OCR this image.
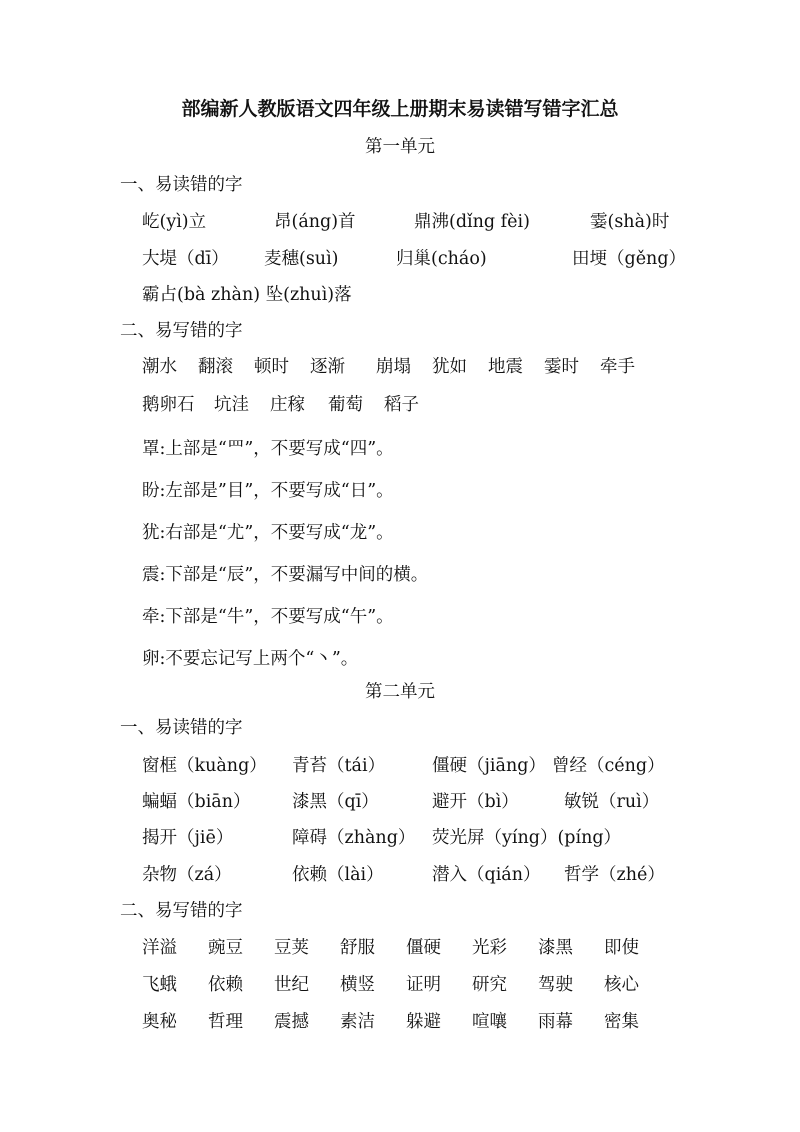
部编新人教版语文四年级上册期末易读错写错字汇总
第一单元
一、易读错的字
屹(yì)立	昂(áng)首	鼎沸(dǐng fèi)	霎(shà)时
大堤（dī） 麦穗(suì)	归巢(cháo)	田埂（gěng）
霸占(bà zhàn) 坠(zhuì)落
二、易写错的字
潮水 翻滚 顿时 逐渐 崩塌 犹如 地震 霎时 牵手
鹅卵石 坑洼 庄稼 葡萄 稻子
罩:上部是“罒”，不要写成“四”。
盼:左部是”目”，不要写成“日”。
犹:右部是“尤”，不要写成“龙”。
震:下部是“辰”，不要漏写中间的横。
牵:下部是“牛”，不要写成“午”。
卵:不要忘记写上两个“丶”。
第二单元
一、易读错的字
窗框（kuàng） 青苔（tái）	僵硬（jiāng） 曾经（céng）
蝙蝠（biān） 漆黑（qī）	避开（bì）	敏锐（ruì）
揭开（jiē）	障碍（zhàng） 荧光屏（yíng）(píng）
杂物（zá）	依赖（lài）	潜入（qián） 哲学（zhé）
二、易写错的字
洋溢 豌豆 豆荚 舒服 僵硬 光彩 漆黑 即使
飞蛾 依赖 世纪 横竖 证明 研究 驾驶 核心
奥秘 哲理 震撼 素洁 躲避 喧嚷 雨幕 密集
